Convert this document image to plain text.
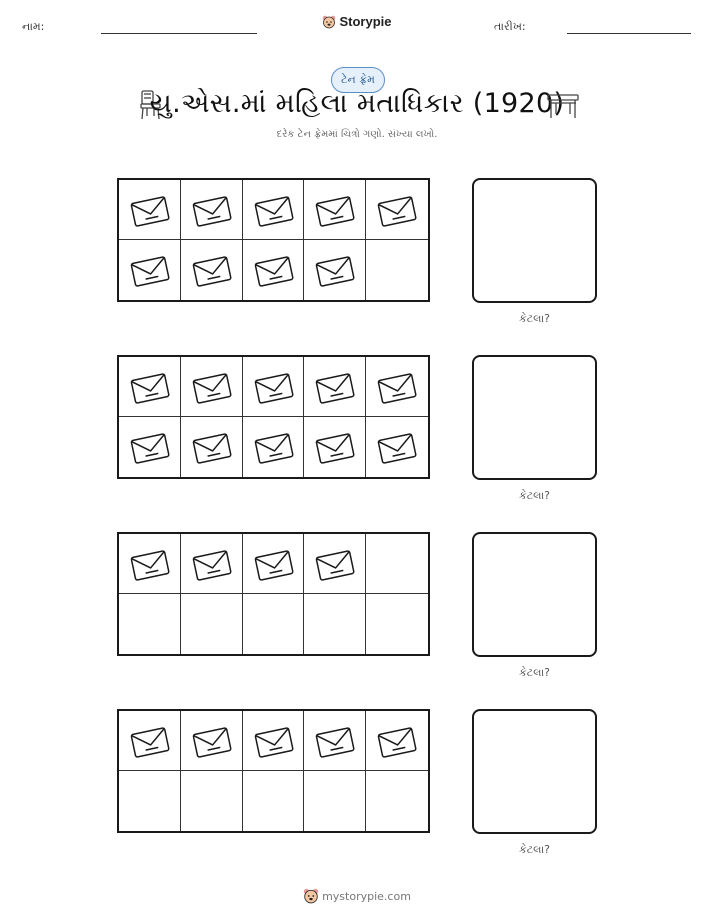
નામ:	Storypie	તારીખ:
ટેન ફ્રેમ
યુ.એસ.માં મહિલા મતાધિકાર (1920)
દરેક ટેન ફ્રેમમાં ચિત્રો ગણો. સંખ્યા લખો.
કેટલા?
કેટલા?
કેટલા?
કેટલા?
mystorypie.com
